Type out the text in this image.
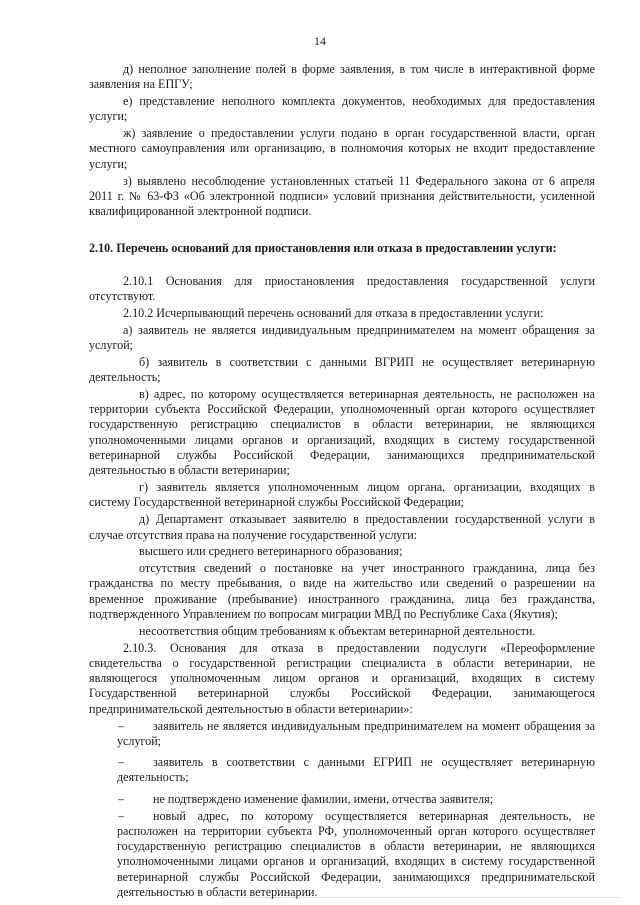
14

д) неполное заполнение полей в форме заявления, в том числе в интерактивной форме заявления на ЕПГУ;

е) представление неполного комплекта документов, необходимых для предоставления услуги;

ж) заявление о предоставлении услуги подано в орган государственной власти, орган местного самоуправления или организацию, в полномочия которых не входит предоставление услуги;

з) выявлено несоблюдение установленных статьей 11 Федерального закона от 6 апреля 2011 г. № 63-ФЗ «Об электронной подписи» условий признания действительности, усиленной квалифицированной электронной подписи.

2.10. Перечень оснований для приостановления или отказа в предоставлении услуги:

2.10.1 Основания для приостановления предоставления государственной услуги отсутствуют.

2.10.2 Исчерпывающий перечень оснований для отказа в предоставлении услуги:

а) заявитель не является индивидуальным предпринимателем на момент обращения за услугой;

б) заявитель в соответствии с данными ВГРИП не осуществляет ветеринарную деятельность;

в) адрес, по которому осуществляется ветеринарная деятельность, не расположен на территории субъекта Российской Федерации, уполномоченный орган которого осуществляет государственную регистрацию специалистов в области ветеринарии, не являющихся уполномоченными лицами органов и организаций, входящих в систему государственной ветеринарной службы Российской Федерации, занимающихся предпринимательской деятельностью в области ветеринарии;

г) заявитель является уполномоченным лицом органа, организации, входящих в систему Государственной ветеринарной службы Российской Федерации;

д) Департамент отказывает заявителю в предоставлении государственной услуги в случае отсутствия права на получение государственной услуги:

высшего или среднего ветеринарного образования;

отсутствия сведений о постановке на учет иностранного гражданина, лица без гражданства по месту пребывания, о виде на жительство или сведений о разрешении на временное проживание (пребывание) иностранного гражданина, лица без гражданства, подтвержденного Управлением по вопросам миграции МВД по Республике Саха (Якутия);

несоответствия общим требованиям к объектам ветеринарной деятельности.

2.10.3. Основания для отказа в предоставлении подуслуги «Переоформление свидетельства о государственной регистрации специалиста в области ветеринарии, не являющегося уполномоченным лицом органов и организаций, входящих в систему Государственной ветеринарной службы Российской Федерации, занимающегося предпринимательской деятельностью в области ветеринарии»:

– заявитель не является индивидуальным предпринимателем на момент обращения за услугой;

– заявитель в соответствии с данными ЕГРИП не осуществляет ветеринарную деятельность;

– не подтверждено изменение фамилии, имени, отчества заявителя;

– новый адрес, по которому осуществляется ветеринарная деятельность, не расположен на территории субъекта РФ, уполномоченный орган которого осуществляет государственную регистрацию специалистов в области ветеринарии, не являющихся уполномоченными лицами органов и организаций, входящих в систему государственной ветеринарной службы Российской Федерации, занимающихся предпринимательской деятельностью в области ветеринарии.
